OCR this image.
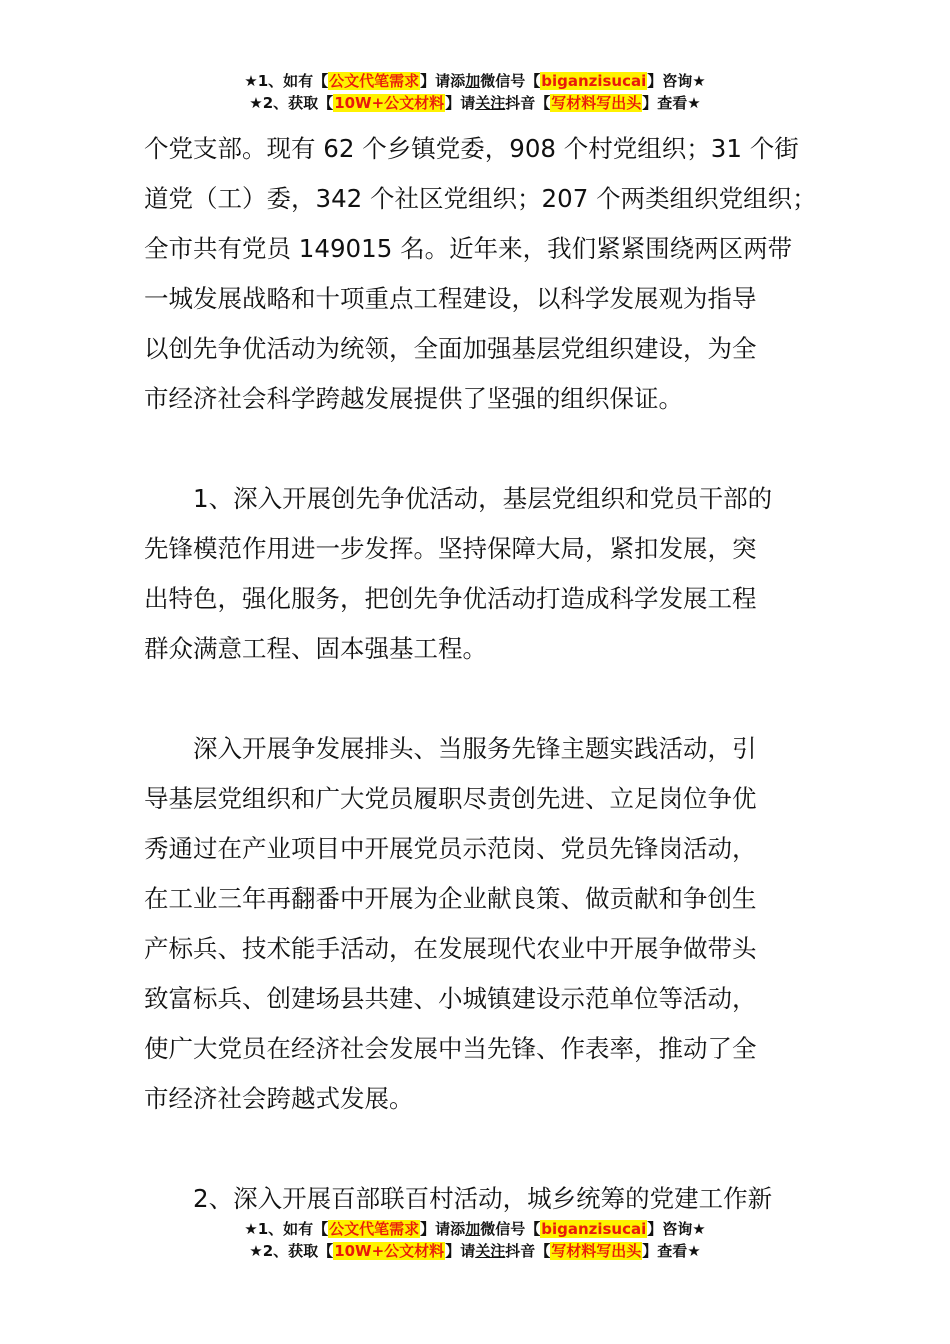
★1、如有【公文代笔需求】请添加微信号【biganzisucai】咨询★
★2、获取【10W+公文材料】请关注抖音【写材料写出头】查看★
个党支部。现有 62 个乡镇党委，908 个村党组织；31 个街
道党（工）委，342 个社区党组织；207 个两类组织党组织；
全市共有党员 149015 名。近年来，我们紧紧围绕两区两带
一城发展战略和十项重点工程建设，以科学发展观为指导
以创先争优活动为统领，全面加强基层党组织建设，为全
市经济社会科学跨越发展提供了坚强的组织保证。
1、深入开展创先争优活动，基层党组织和党员干部的
先锋模范作用进一步发挥。坚持保障大局，紧扣发展，突
出特色，强化服务，把创先争优活动打造成科学发展工程
群众满意工程、固本强基工程。
深入开展争发展排头、当服务先锋主题实践活动，引
导基层党组织和广大党员履职尽责创先进、立足岗位争优
秀通过在产业项目中开展党员示范岗、党员先锋岗活动，
在工业三年再翻番中开展为企业献良策、做贡献和争创生
产标兵、技术能手活动，在发展现代农业中开展争做带头
致富标兵、创建场县共建、小城镇建设示范单位等活动，
使广大党员在经济社会发展中当先锋、作表率，推动了全
市经济社会跨越式发展。
2、深入开展百部联百村活动，城乡统筹的党建工作新
★1、如有【公文代笔需求】请添加微信号【biganzisucai】咨询★
★2、获取【10W+公文材料】请关注抖音【写材料写出头】查看★
